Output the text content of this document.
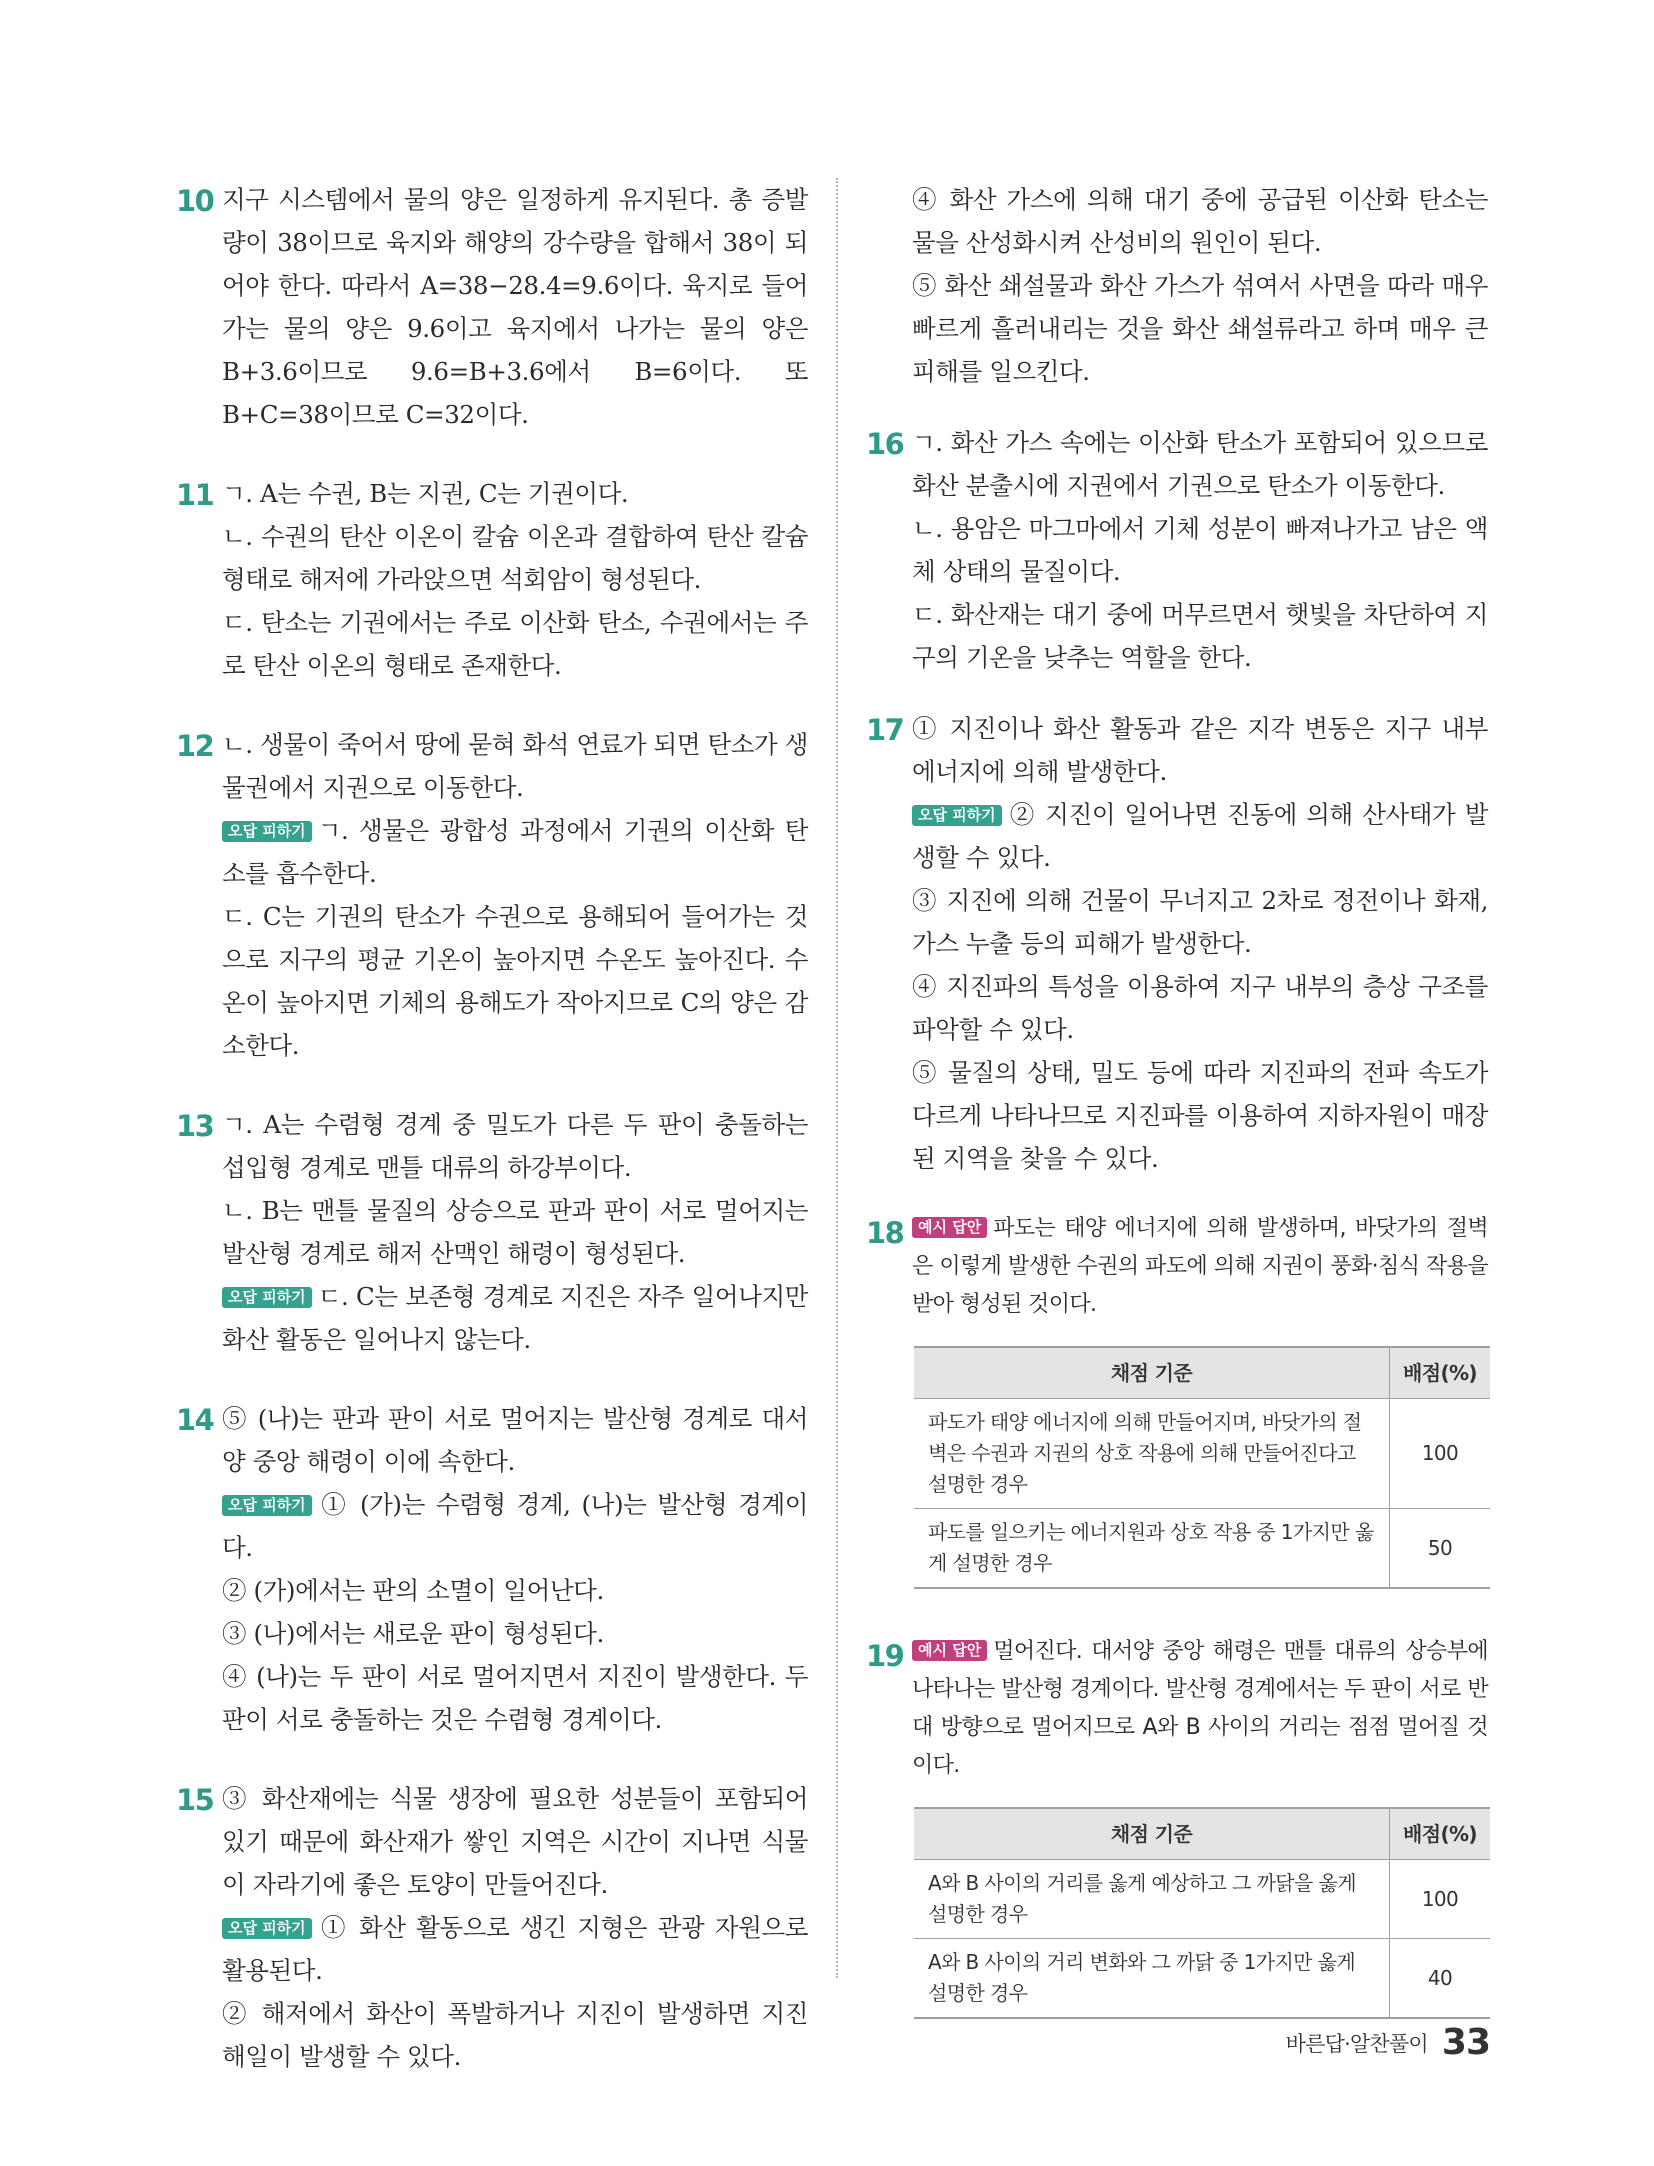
10 지구 시스템에서 물의 양은 일정하게 유지된다. 총 증발량이 38이므로 육지와 해양의 강수량을 합해서 38이 되어야 한다. 따라서 A=38−28.4=9.6이다. 육지로 들어가는 물의 양은 9.6이고 육지에서 나가는 물의 양은 B+3.6이므로 9.6=B+3.6에서 B=6이다. 또 B+C=38이므로 C=32이다.

11 ㄱ. A는 수권, B는 지권, C는 기권이다.

ㄴ. 수권의 탄산 이온이 칼슘 이온과 결합하여 탄산 칼슘 형태로 해저에 가라앉으면 석회암이 형성된다.

ㄷ. 탄소는 기권에서는 주로 이산화 탄소, 수권에서는 주로 탄산 이온의 형태로 존재한다.

12 ㄴ. 생물이 죽어서 땅에 묻혀 화석 연료가 되면 탄소가 생물권에서 지권으로 이동한다.

오답 피하기 ㄱ. 생물은 광합성 과정에서 기권의 이산화 탄소를 흡수한다.

ㄷ. C는 기권의 탄소가 수권으로 용해되어 들어가는 것으로 지구의 평균 기온이 높아지면 수온도 높아진다. 수온이 높아지면 기체의 용해도가 작아지므로 C의 양은 감소한다.

13 ㄱ. A는 수렴형 경계 중 밀도가 다른 두 판이 충돌하는 섭입형 경계로 맨틀 대류의 하강부이다.

ㄴ. B는 맨틀 물질의 상승으로 판과 판이 서로 멀어지는 발산형 경계로 해저 산맥인 해령이 형성된다.

오답 피하기 ㄷ. C는 보존형 경계로 지진은 자주 일어나지만 화산 활동은 일어나지 않는다.

14 ⑤ (나)는 판과 판이 서로 멀어지는 발산형 경계로 대서양 중앙 해령이 이에 속한다.

오답 피하기 ① (가)는 수렴형 경계, (나)는 발산형 경계이다.

② (가)에서는 판의 소멸이 일어난다.

③ (나)에서는 새로운 판이 형성된다.

④ (나)는 두 판이 서로 멀어지면서 지진이 발생한다. 두 판이 서로 충돌하는 것은 수렴형 경계이다.

15 ③ 화산재에는 식물 생장에 필요한 성분들이 포함되어 있기 때문에 화산재가 쌓인 지역은 시간이 지나면 식물이 자라기에 좋은 토양이 만들어진다.

오답 피하기 ① 화산 활동으로 생긴 지형은 관광 자원으로 활용된다.

② 해저에서 화산이 폭발하거나 지진이 발생하면 지진 해일이 발생할 수 있다.

④ 화산 가스에 의해 대기 중에 공급된 이산화 탄소는 물을 산성화시켜 산성비의 원인이 된다.

⑤ 화산 쇄설물과 화산 가스가 섞여서 사면을 따라 매우 빠르게 흘러내리는 것을 화산 쇄설류라고 하며 매우 큰 피해를 일으킨다.

16 ㄱ. 화산 가스 속에는 이산화 탄소가 포함되어 있으므로 화산 분출시에 지권에서 기권으로 탄소가 이동한다.

ㄴ. 용암은 마그마에서 기체 성분이 빠져나가고 남은 액체 상태의 물질이다.

ㄷ. 화산재는 대기 중에 머무르면서 햇빛을 차단하여 지구의 기온을 낮추는 역할을 한다.

17 ① 지진이나 화산 활동과 같은 지각 변동은 지구 내부 에너지에 의해 발생한다.

오답 피하기 ② 지진이 일어나면 진동에 의해 산사태가 발생할 수 있다.

③ 지진에 의해 건물이 무너지고 2차로 정전이나 화재, 가스 누출 등의 피해가 발생한다.

④ 지진파의 특성을 이용하여 지구 내부의 층상 구조를 파악할 수 있다.

⑤ 물질의 상태, 밀도 등에 따라 지진파의 전파 속도가 다르게 나타나므로 지진파를 이용하여 지하자원이 매장된 지역을 찾을 수 있다.

18 예시 답안 파도는 태양 에너지에 의해 발생하며, 바닷가의 절벽은 이렇게 발생한 수권의 파도에 의해 지권이 풍화·침식 작용을 받아 형성된 것이다.

채점 기준	배점(%)
파도가 태양 에너지에 의해 만들어지며, 바닷가의 절벽은 수권과 지권의 상호 작용에 의해 만들어진다고 설명한 경우	100
파도를 일으키는 에너지원과 상호 작용 중 1가지만 옳게 설명한 경우	50
19 예시 답안 멀어진다. 대서양 중앙 해령은 맨틀 대류의 상승부에 나타나는 발산형 경계이다. 발산형 경계에서는 두 판이 서로 반대 방향으로 멀어지므로 A와 B 사이의 거리는 점점 멀어질 것이다.

채점 기준	배점(%)
A와 B 사이의 거리를 옳게 예상하고 그 까닭을 옳게 설명한 경우	100
A와 B 사이의 거리 변화와 그 까닭 중 1가지만 옳게 설명한 경우	40
바른답·알찬풀이 33
